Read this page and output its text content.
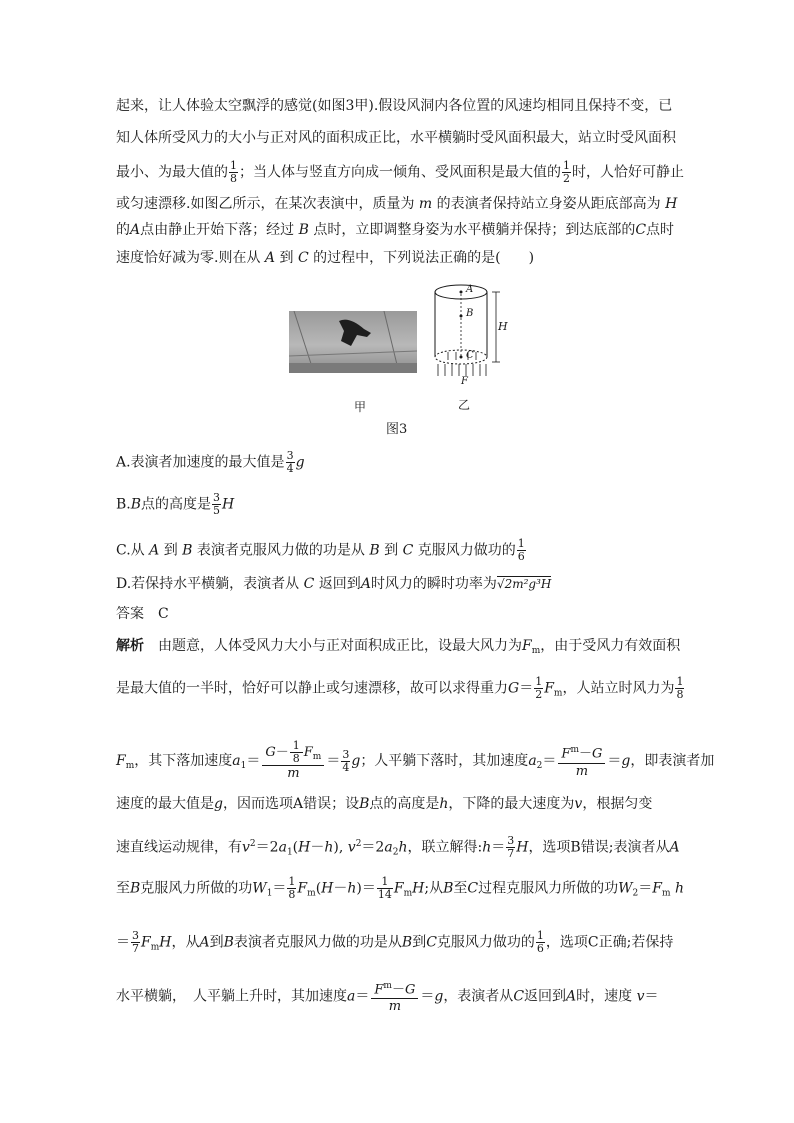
起来，让人体验太空飘浮的感觉(如图3甲).假设风洞内各位置的风速均相同且保持不变，已
知人体所受风力的大小与正对风的面积成正比，水平横躺时受风面积最大，站立时受风面积
最小、为最大值的 $\frac{1}{8}$ ；当人体与竖直方向成一倾角、受风面积是最大值的 $\frac{1}{2}$ 时，人恰好可静止
或匀速漂移.如图乙所示，在某次表演中，质量为 m 的表演者保持站立身姿从距底部高为 H
的A点由静止开始下落；经过 B 点时，立即调整身姿为水平横躺并保持；到达底部的C点时
速度恰好减为零.则在从 A 到 C 的过程中，下列说法正确的是(　　)
A
B
C
H
F
甲	乙
图3
A.表演者加速度的最大值是 $\frac{3}{4}$ g
B.B点的高度是 $\frac{3}{5}$ H
C.从 A 到 B 表演者克服风力做的功是从 B 到 C 克服风力做功的 $\frac{1}{6}$
D.若保持水平横躺，表演者从 C 返回到A时风力的瞬时功率为√2m²g³H
答案　 C
解析　 由题意，人体受风力大小与正对面积成正比，设最大风力为$F_m$，由于受风力有效面积
是最大值的一半时，恰好可以静止或匀速漂移，故可以求得重力$G= \frac{1}{2} F_m$，人站立时风力为 $\frac{1}{8}$
$F_m$，其下落加速度$a_1= \frac{G- \frac{1}{8} F_m}{m} = \frac{3}{4}$ g；人平躺下落时，其加速度$a_2= \frac{F^m-G}{m} =g$，即表演者加
速度的最大值是g，因而选项A错误；设B点的高度是h，下降的最大速度为v，根据匀变
速直线运动规律，有$v^2=2a_1(H-h)$, $v^2=2a_2h$，联立解得:h＝ $\frac{3}{7}$ H，选项B错误;表演者从A
至B克服风力所做的功$W_1= \frac{1}{8} F_m(H-h)= \frac{1}{14} F_mH$;从B至C过程克服风力所做的功$W_2=F_m$ h
＝ $\frac{3}{7} F_mH$，从A到B表演者克服风力做的功是从B到C克服风力做功的 $\frac{1}{6}$ ，选项C正确;若保持
水平横躺，　 人平躺上升时，其加速度$a= \frac{F^m-G}{m} =g$，表演者从C返回到A时，速度 v＝
